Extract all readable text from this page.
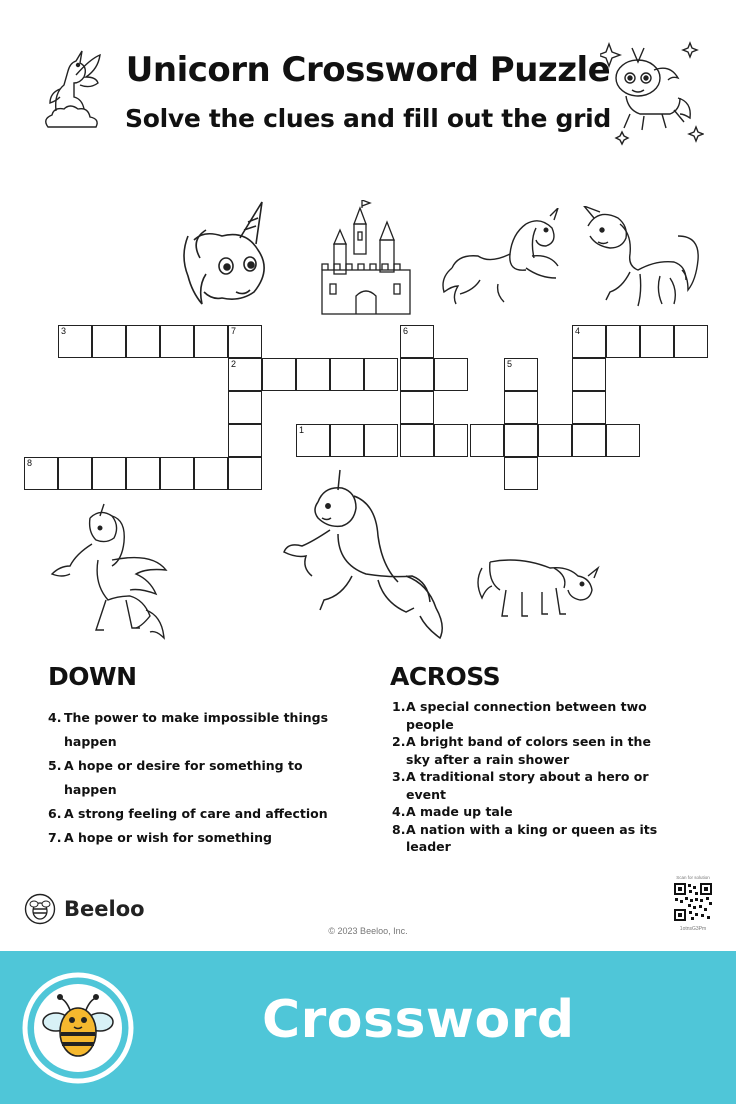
Unicorn Crossword Puzzle
Solve the clues and fill out the grid
3	7	6	4
2	5
1
8
DOWN
4. The power to make impossible things
happen
5. A hope or desire for something to
happen
6. A strong feeling of care and affection
7. A hope or wish for something
ACROSS
1. A special connection between two
people
2. A bright band of colors seen in the
sky after a rain shower
3. A traditional story about a hero or
event
4. A made up tale
8. A nation with a king or queen as its
leader
Beeloo
© 2023 Beeloo, Inc.
Scan for solution
1otnsG3Pm
Crossword
